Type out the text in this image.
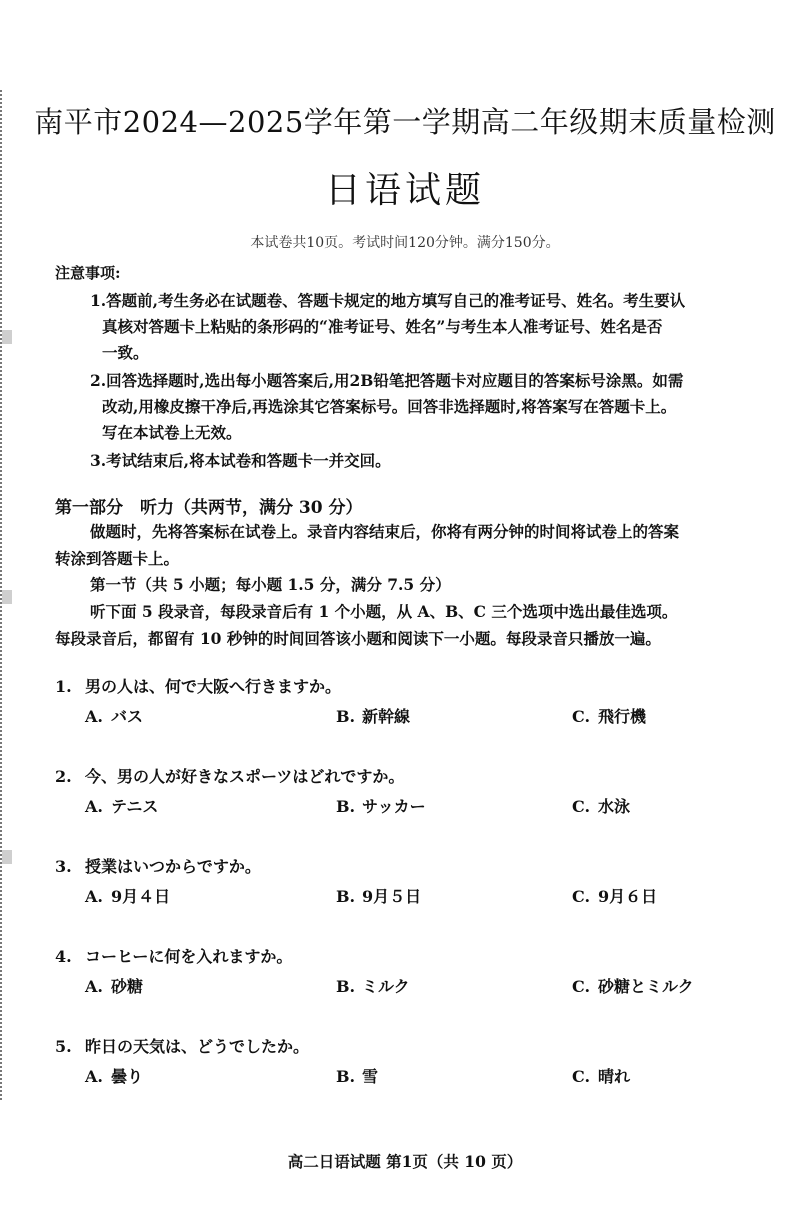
南平市2024—2025学年第一学期高二年级期末质量检测
日语试题
本试卷共10页。考试时间120分钟。满分150分。
注意事项:
1.答题前,考生务必在试题卷、答题卡规定的地方填写自己的准考证号、姓名。考生要认
真核对答题卡上粘贴的条形码的“准考证号、姓名”与考生本人准考证号、姓名是否
一致。
2.回答选择题时,选出每小题答案后,用2B铅笔把答题卡对应题目的答案标号涂黑。如需
改动,用橡皮擦干净后,再选涂其它答案标号。回答非选择题时,将答案写在答题卡上。
写在本试卷上无效。
3.考试结束后,将本试卷和答题卡一并交回。
第一部分　听力（共两节，满分 30 分）
做题时，先将答案标在试卷上。录音内容结束后，你将有两分钟的时间将试卷上的答案
转涂到答题卡上。
第一节（共 5 小题；每小题 1.5 分，满分 7.5 分）
听下面 5 段录音，每段录音后有 1 个小题，从 A、B、C 三个选项中选出最佳选项。
每段录音后，都留有 10 秒钟的时间回答该小题和阅读下一小题。每段录音只播放一遍。
1. 男の人は、何で大阪へ行きますか。
A. バス	B. 新幹線	C. 飛行機
2. 今、男の人が好きなスポーツはどれですか。
A. テニス	B. サッカー	C. 水泳
3. 授業はいつからですか。
A. 9月４日	B. 9月５日	C. 9月６日
4. コーヒーに何を入れますか。
A. 砂糖	B. ミルク	C. 砂糖とミルク
5. 昨日の天気は、どうでしたか。
A. 曇り	B. 雪	C. 晴れ
高二日语试题 第1页（共 10 页）
